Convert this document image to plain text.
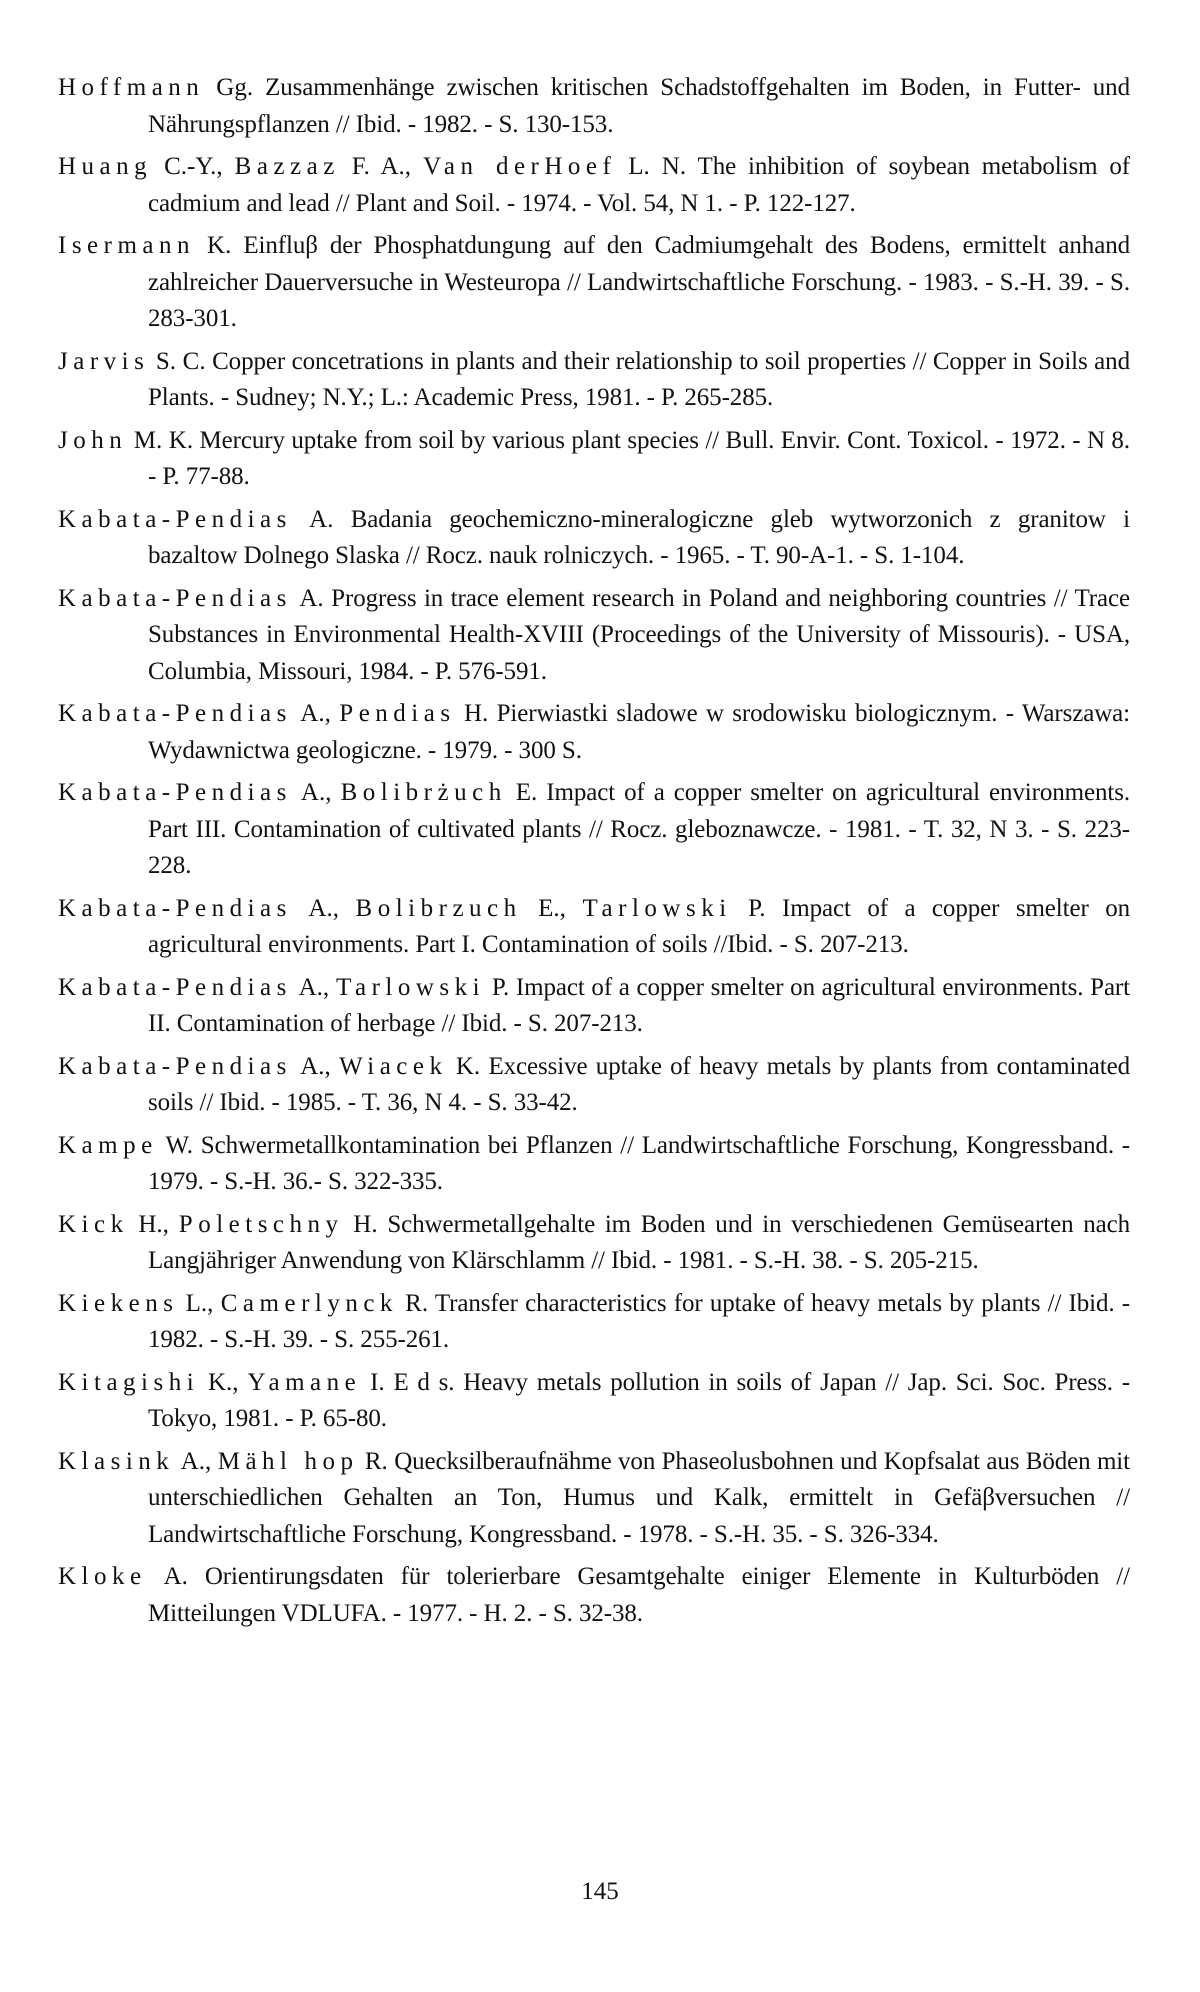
Hoffmann Gg. Zusammenhänge zwischen kritischen Schadstoffgehalten im Boden, in Futter- und Nährungspflanzen // Ibid. - 1982. - S. 130-153.

Huang C.-Y., Bazzaz F. A., Van derHoef L. N. The inhibition of soybean metabolism of cadmium and lead // Plant and Soil. - 1974. - Vol. 54, N 1. - P. 122-127.

Isermann K. Einfluβ der Phosphatdungung auf den Cadmiumgehalt des Bodens, ermittelt anhand zahlreicher Dauerversuche in Westeuropa // Landwirtschaftliche Forschung. - 1983. - S.-H. 39. - S. 283-301.

Jarvis S. C. Copper concetrations in plants and their relationship to soil properties // Copper in Soils and Plants. - Sudney; N.Y.; L.: Academic Press, 1981. - P. 265-285.

John M. K. Mercury uptake from soil by various plant species // Bull. Envir. Cont. Toxicol. - 1972. - N 8. - P. 77-88.

Kabata-Pendias A. Badania geochemiczno-mineralogiczne gleb wytworzonich z granitow i bazaltow Dolnego Slaska // Rocz. nauk rolniczych. - 1965. - T. 90-A-1. - S. 1-104.

Kabata-Pendias A. Progress in trace element research in Poland and neighboring countries // Trace Substances in Environmental Health-XVIII (Proceedings of the University of Missouris). - USA, Columbia, Missouri, 1984. - P. 576-591.

Kabata-Pendias A., Pendias H. Pierwiastki sladowe w srodowisku biologicznym. - Warszawa: Wydawnictwa geologiczne. - 1979. - 300 S.

Kabata-Pendias A., Bolibrżuch E. Impact of a copper smelter on agricultural environments. Part III. Contamination of cultivated plants // Rocz. gleboznawcze. - 1981. - T. 32, N 3. - S. 223-228.

Kabata-Pendias A., Bolibrzuch E., Tarlowski P. Impact of a copper smelter on agricultural environments. Part I. Contamination of soils //Ibid. - S. 207-213.

Kabata-Pendias A., Tarlowski P. Impact of a copper smelter on agricultural environments. Part II. Contamination of herbage // Ibid. - S. 207-213.

Kabata-Pendias A., Wiacek K. Excessive uptake of heavy metals by plants from contaminated soils // Ibid. - 1985. - T. 36, N 4. - S. 33-42.

Kampe W. Schwermetallkontamination bei Pflanzen // Landwirtschaftliche Forschung, Kongressband. - 1979. - S.-H. 36.- S. 322-335.

Kick H., Poletschny H. Schwermetallgehalte im Boden und in verschiedenen Gemüsearten nach Langjähriger Anwendung von Klärschlamm // Ibid. - 1981. - S.-H. 38. - S. 205-215.

Kiekens L., Camerlynck R. Transfer characteristics for uptake of heavy metals by plants // Ibid. - 1982. - S.-H. 39. - S. 255-261.

Kitagishi K., Yamane I. E d s. Heavy metals pollution in soils of Japan // Jap. Sci. Soc. Press. - Tokyo, 1981. - P. 65-80.

Klasink A., Mähl hop R. Quecksilberaufnähme von Phaseolusbohnen und Kopfsalat aus Böden mit unterschiedlichen Gehalten an Ton, Humus und Kalk, ermittelt in Gefäβversuchen // Landwirtschaftliche Forschung, Kongressband. - 1978. - S.-H. 35. - S. 326-334.

Kloke A. Orientirungsdaten für tolerierbare Gesamtgehalte einiger Elemente in Kulturböden // Mitteilungen VDLUFA. - 1977. - H. 2. - S. 32-38.

145
